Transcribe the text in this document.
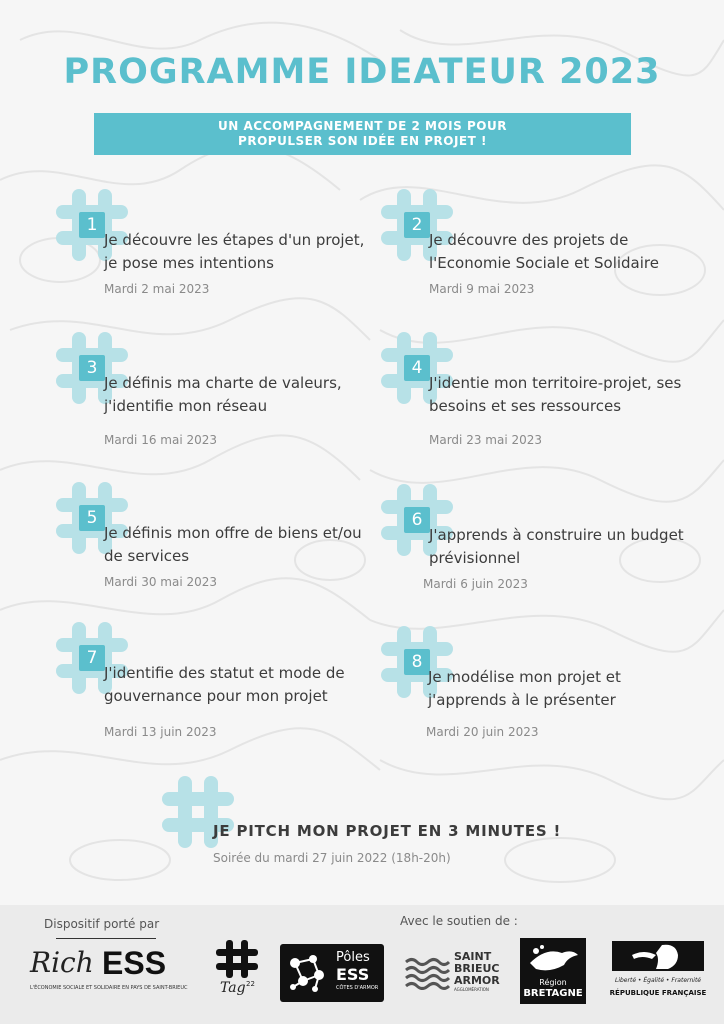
PROGRAMME IDEATEUR 2023
UN ACCOMPAGNEMENT DE 2 MOIS POUR
PROPULSER SON IDÉE EN PROJET !
1
Je découvre les étapes d'un projet, je pose mes intentions
Mardi 2 mai 2023
2
Je découvre des projets de l'Economie Sociale et Solidaire
Mardi 9 mai 2023
3
Je définis ma charte de valeurs, j'identifie mon réseau
Mardi 16 mai 2023
4
J'identie mon territoire-projet, ses besoins et ses ressources
Mardi 23 mai 2023
5
Je définis mon offre de biens et/ou de services
Mardi 30 mai 2023
6
J'apprends à construire un budget prévisionnel
Mardi 6 juin 2023
7
J'identifie des statut et mode de gouvernance pour mon projet
Mardi 13 juin 2023
8
Je modélise mon projet et j'apprends à le présenter
Mardi 20 juin 2023
JE PITCH MON PROJET EN 3 MINUTES !
Soirée du mardi 27 juin 2022 (18h-20h)
Dispositif porté par	Avec le soutien de :
Rich ESS
L'ÉCONOMIE SOCIALE ET SOLIDAIRE EN PAYS DE SAINT-BRIEUC	Tag 22
Pôles
ESS
CÔTES D'ARMOR
SAINT
BRIEUC
ARMOR
AGGLOMÉRATION
Région
BRETAGNE
Liberté • Égalité • Fraternité
RÉPUBLIQUE FRANÇAISE
